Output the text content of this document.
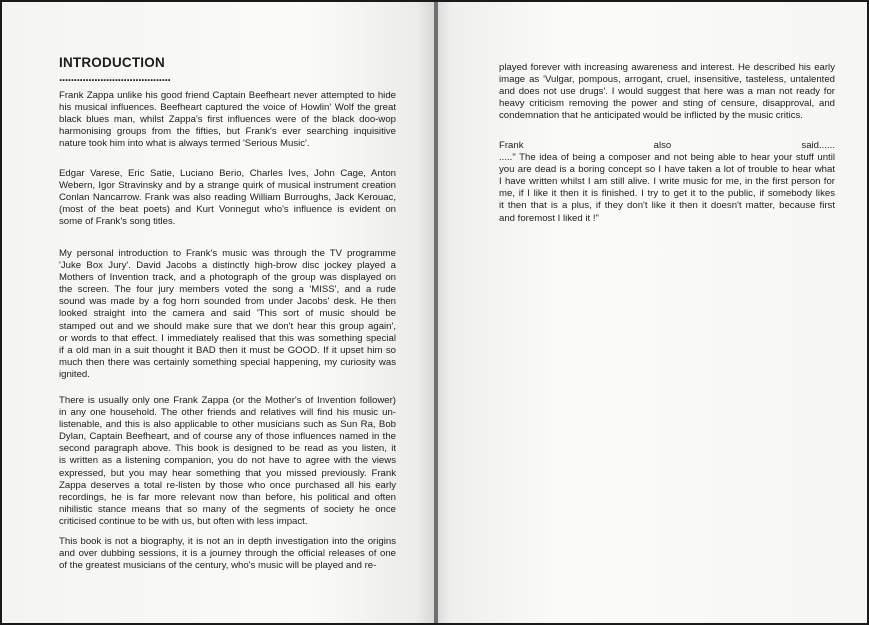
INTRODUCTION
......................................

Frank Zappa unlike his good friend Captain Beefheart never attempted to hide
his musical influences. Beefheart captured the voice of Howlin' Wolf the great
black blues man, whilst Zappa's first influences were of the black doo-wop
harmonising groups from the fifties, but Frank's ever searching inquisitive
nature took him into what is always termed 'Serious Music'.

Edgar Varese, Eric Satie, Luciano Berio, Charles Ives, John Cage, Anton
Webern, Igor Stravinsky and by a strange quirk of musical instrument creation
Conlan Nancarrow. Frank was also reading William Burroughs, Jack Kerouac,
(most of the beat poets) and Kurt Vonnegut who's influence is evident on
some of Frank's song titles.

My personal introduction to Frank's music was through the TV programme
'Juke Box Jury'. David Jacobs a distinctly high-brow disc jockey played a
Mothers of Invention track, and a photograph of the group was displayed on
the screen. The four jury members voted the song a 'MISS', and a rude
sound was made by a fog horn sounded from under Jacobs' desk. He then
looked straight into the camera and said 'This sort of music should be
stamped out and we should make sure that we don't hear this group again',
or words to that effect. I immediately realised that this was something special
if a old man in a suit thought it BAD then it must be GOOD. If it upset him so
much then there was certainly something special happening, my curiosity was
ignited.

There is usually only one Frank Zappa (or the Mother's of Invention follower)
in any one household. The other friends and relatives will find his music un-
listenable, and this is also applicable to other musicians such as Sun Ra, Bob
Dylan, Captain Beefheart, and of course any of those influences named in the
second paragraph above. This book is designed to be read as you listen, it
is written as a listening companion, you do not have to agree with the views
expressed, but you may hear something that you missed previously. Frank
Zappa deserves a total re-listen by those who once purchased all his early
recordings, he is far more relevant now than before, his political and often
nihilistic stance means that so many of the segments of society he once
criticised continue to be with us, but often with less impact.

This book is not a biography, it is not an in depth investigation into the origins
and over dubbing sessions, it is a journey through the official releases of one
of the greatest musicians of the century, who's music will be played and re-

played forever with increasing awareness and interest. He described his early
image as 'Vulgar, pompous, arrogant, cruel, insensitive, tasteless, untalented
and does not use drugs'. I would suggest that here was a man not ready for
heavy criticism removing the power and sting of censure, disapproval, and
condemnation that he anticipated would be inflicted by the music critics.

Frank also said......
....." The idea of being a composer and not being able to hear your stuff until
you are dead is a boring concept so I have taken a lot of trouble to hear what
I have written whilst I am still alive. I write music for me, in the first person for
me, if I like it then it is finished. I try to get it to the public, if somebody likes
it then that is a plus, if they don't like it then it doesn't matter, because first
and foremost I liked it !"
